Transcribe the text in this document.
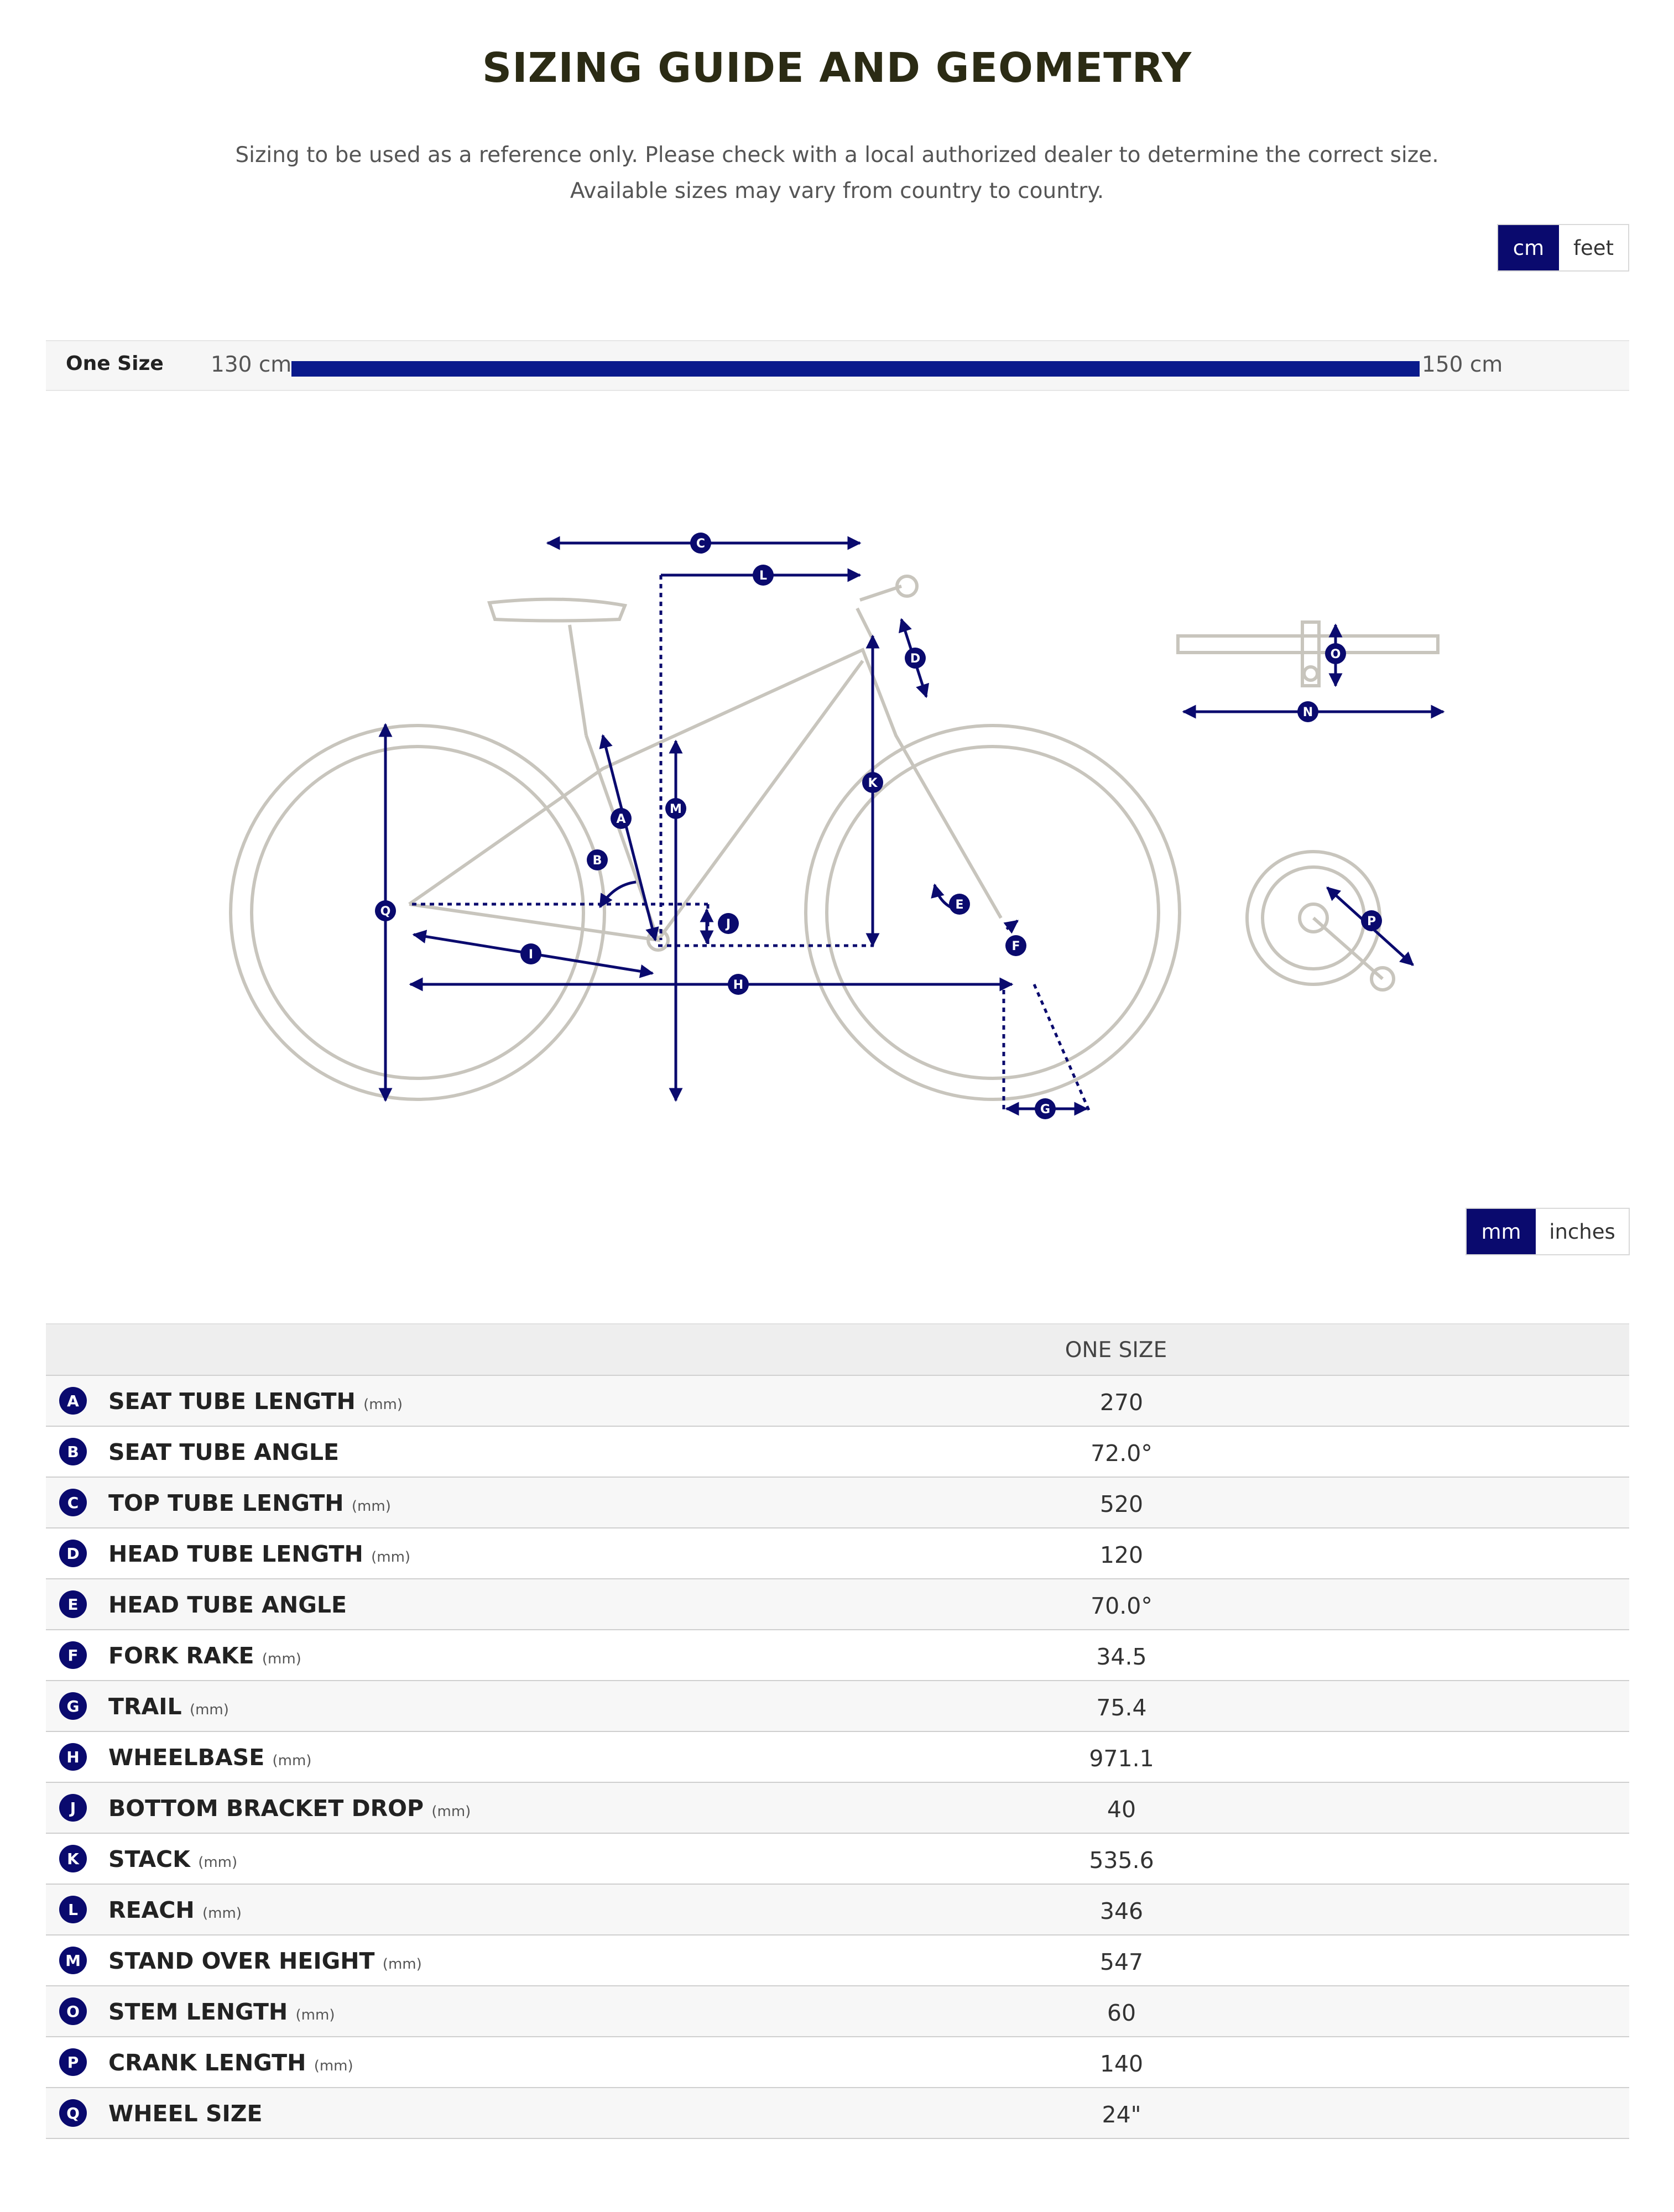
SIZING GUIDE AND GEOMETRY
Sizing to be used as a reference only. Please check with a local authorized dealer to determine the correct size.
Available sizes may vary from country to country.
cm	feet
One Size 130 cm	150 cm
C
L
D
E
F
G
H
I
J
K
M
A
B
Q
N
O
P
mm	inches
ONE SIZE
A	SEAT TUBE LENGTH (mm)	270
B	SEAT TUBE ANGLE	72.0°
C	TOP TUBE LENGTH (mm)	520
D	HEAD TUBE LENGTH (mm)	120
E	HEAD TUBE ANGLE	70.0°
F	FORK RAKE (mm)	34.5
G	TRAIL (mm)	75.4
H	WHEELBASE (mm)	971.1
J	BOTTOM BRACKET DROP (mm)	40
K	STACK (mm)	535.6
L	REACH (mm)	346
M STAND OVER HEIGHT (mm)	547
O	STEM LENGTH (mm)	60
P	CRANK LENGTH (mm)	140
Q	WHEEL SIZE	24"
